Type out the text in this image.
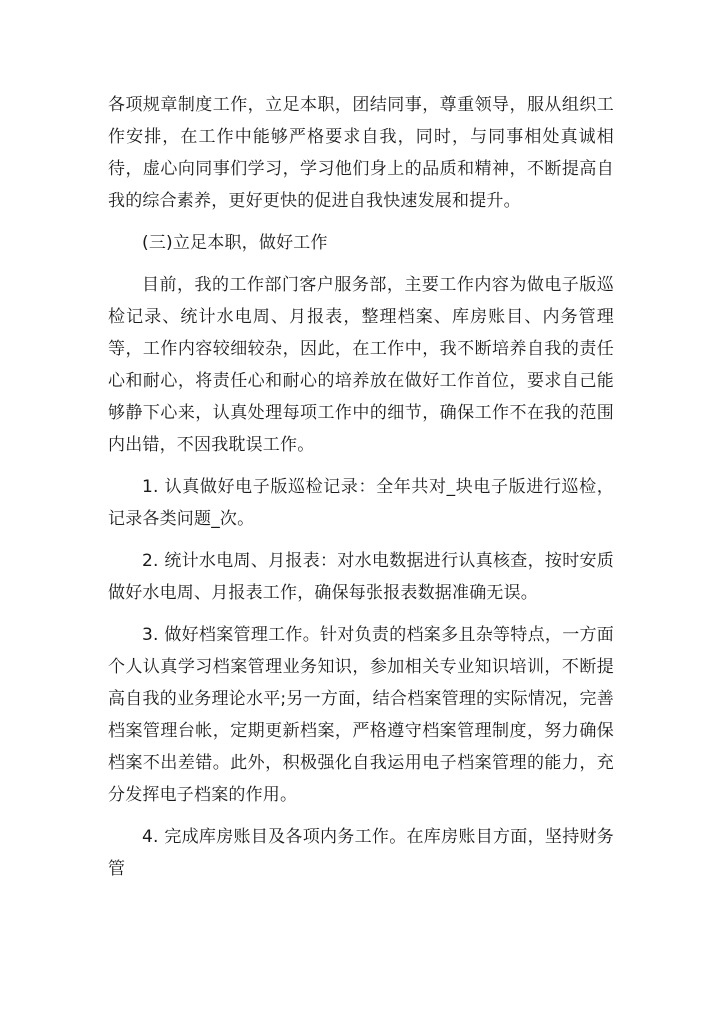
各项规章制度工作，立足本职，团结同事，尊重领导，服从组织工作安排，在工作中能够严格要求自我，同时，与同事相处真诚相待，虚心向同事们学习，学习他们身上的品质和精神，不断提高自我的综合素养，更好更快的促进自我快速发展和提升。

(三)立足本职，做好工作

目前，我的工作部门客户服务部，主要工作内容为做电子版巡检记录、统计水电周、月报表，整理档案、库房账目、内务管理等，工作内容较细较杂，因此，在工作中，我不断培养自我的责任心和耐心，将责任心和耐心的培养放在做好工作首位，要求自己能够静下心来，认真处理每项工作中的细节，确保工作不在我的范围内出错，不因我耽误工作。

1. 认真做好电子版巡检记录：全年共对_块电子版进行巡检，记录各类问题_次。

2. 统计水电周、月报表：对水电数据进行认真核查，按时安质做好水电周、月报表工作，确保每张报表数据准确无误。

3. 做好档案管理工作。针对负责的档案多且杂等特点，一方面个人认真学习档案管理业务知识，参加相关专业知识培训，不断提高自我的业务理论水平;另一方面，结合档案管理的实际情况，完善档案管理台帐，定期更新档案，严格遵守档案管理制度，努力确保档案不出差错。此外，积极强化自我运用电子档案管理的能力，充分发挥电子档案的作用。

4. 完成库房账目及各项内务工作。在库房账目方面，坚持财务管
